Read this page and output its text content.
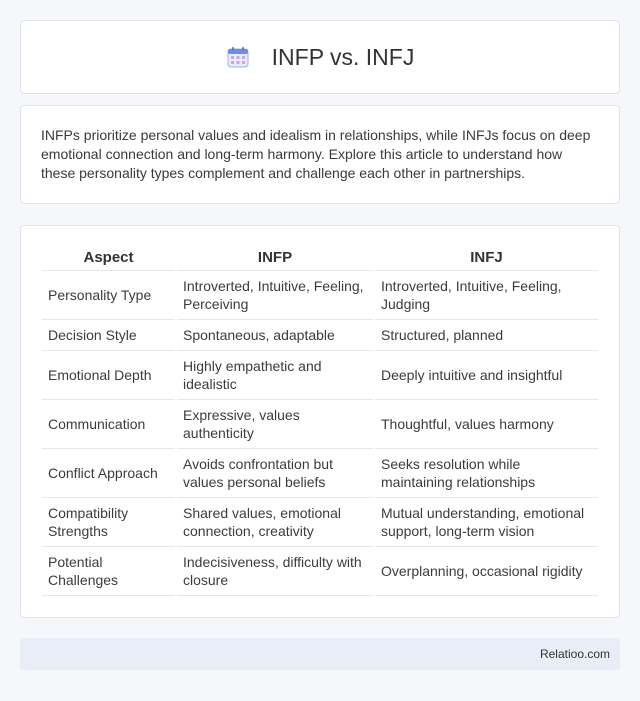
INFP vs. INFJ

INFPs prioritize personal values and idealism in relationships, while INFJs focus on deep emotional connection and long-term harmony. Explore this article to understand how these personality types complement and challenge each other in partnerships.

Aspect	INFP	INFJ
Personality Type	Introverted, Intuitive, Feeling, Perceiving	Introverted, Intuitive, Feeling, Judging
Decision Style	Spontaneous, adaptable	Structured, planned
Emotional Depth	Highly empathetic and idealistic	Deeply intuitive and insightful
Communication	Expressive, values authenticity	Thoughtful, values harmony
Conflict Approach	Avoids confrontation but values personal beliefs	Seeks resolution while maintaining relationships
Compatibility Strengths	Shared values, emotional connection, creativity	Mutual understanding, emotional support, long-term vision
Potential Challenges	Indecisiveness, difficulty with closure	Overplanning, occasional rigidity
Relatioo.com
